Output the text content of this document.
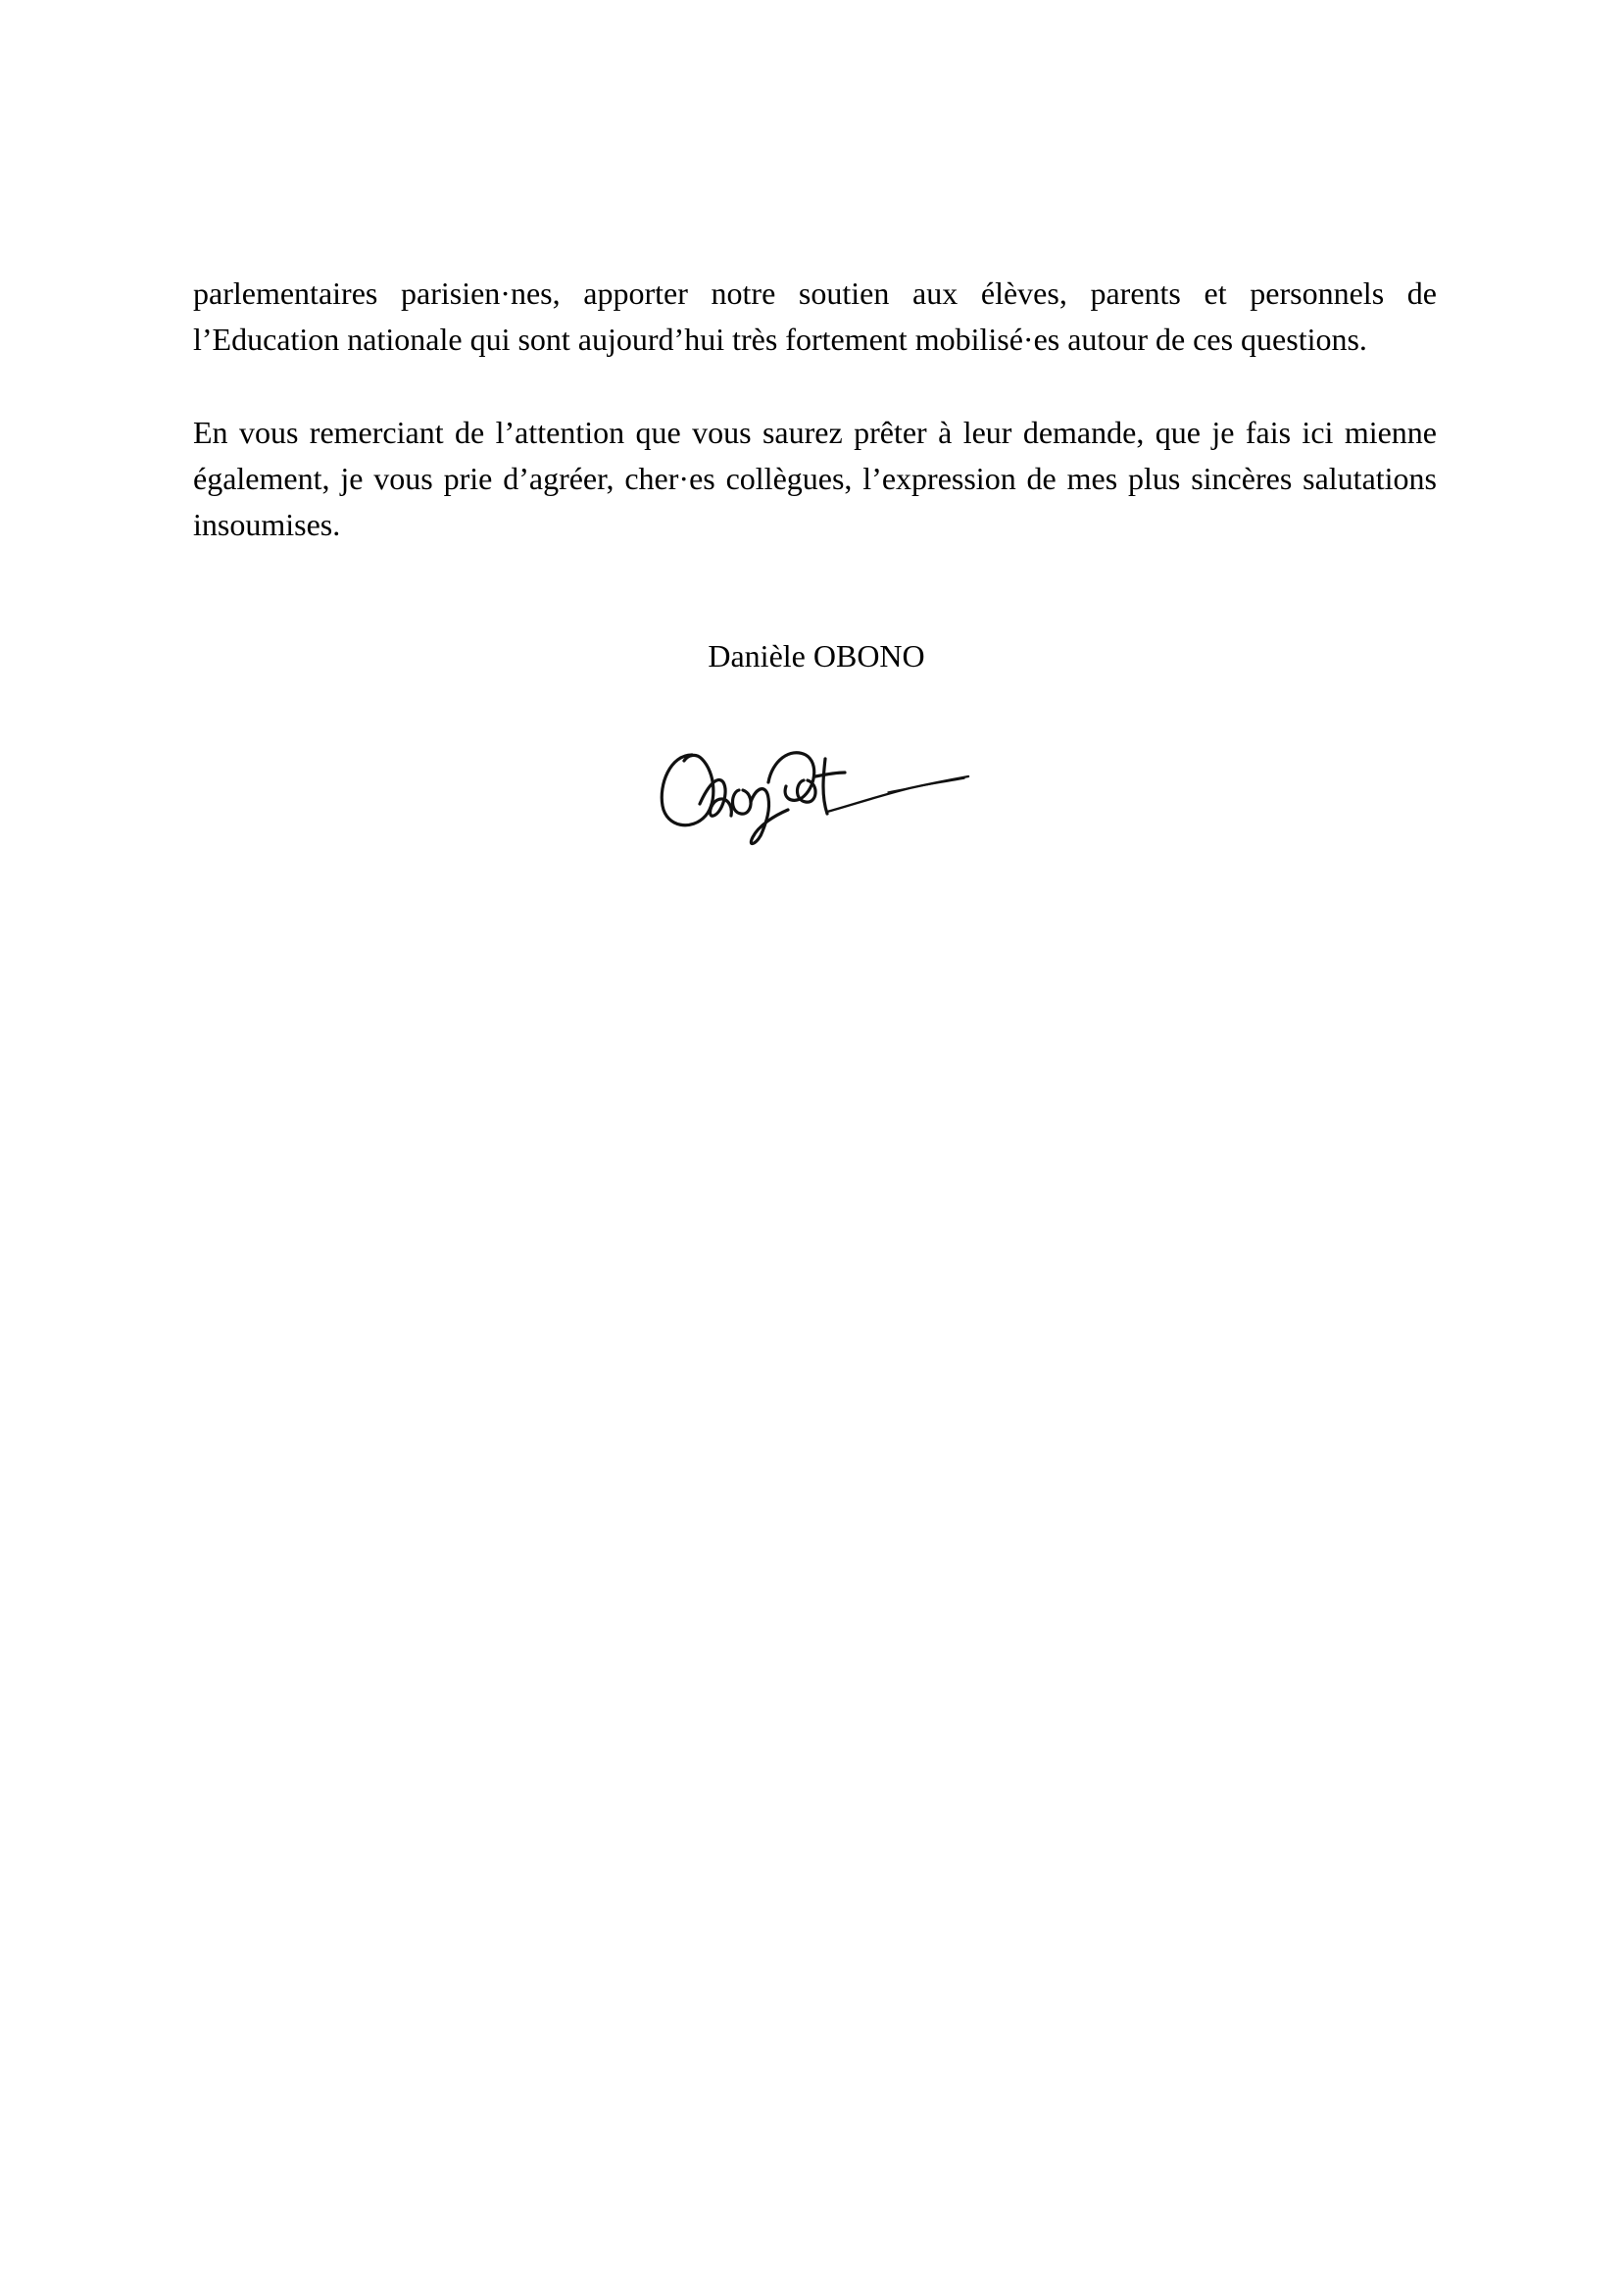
parlementaires parisien·nes, apporter notre soutien aux élèves, parents et personnels de l’Education nationale qui sont aujourd’hui très fortement mobilisé·es autour de ces questions.

En vous remerciant de l’attention que vous saurez prêter à leur demande, que je fais ici mienne également, je vous prie d’agréer, cher·es collègues, l’expression de mes plus sincères salutations insoumises.

Danièle OBONO
